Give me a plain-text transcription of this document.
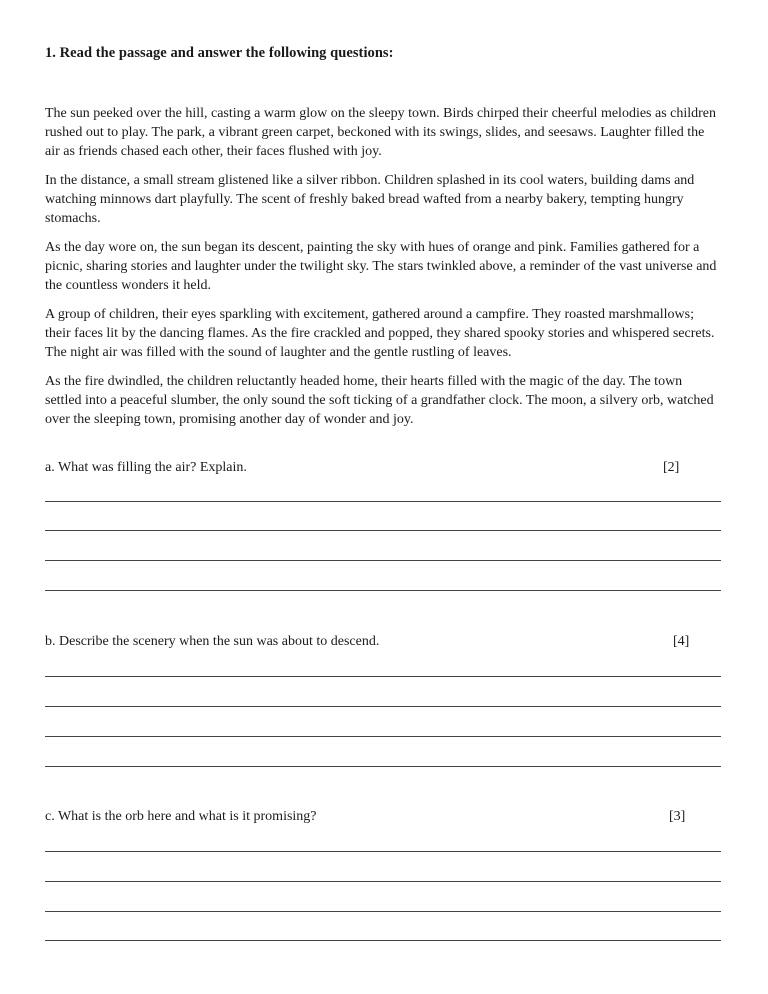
1. Read the passage and answer the following questions:

The sun peeked over the hill, casting a warm glow on the sleepy town. Birds chirped their cheerful melodies as children rushed out to play. The park, a vibrant green carpet, beckoned with its swings, slides, and seesaws. Laughter filled the air as friends chased each other, their faces flushed with joy.

In the distance, a small stream glistened like a silver ribbon. Children splashed in its cool waters, building dams and watching minnows dart playfully. The scent of freshly baked bread wafted from a nearby bakery, tempting hungry stomachs.

As the day wore on, the sun began its descent, painting the sky with hues of orange and pink. Families gathered for a picnic, sharing stories and laughter under the twilight sky. The stars twinkled above, a reminder of the vast universe and the countless wonders it held.

A group of children, their eyes sparkling with excitement, gathered around a campfire. They roasted marshmallows; their faces lit by the dancing flames. As the fire crackled and popped, they shared spooky stories and whispered secrets. The night air was filled with the sound of laughter and the gentle rustling of leaves.

As the fire dwindled, the children reluctantly headed home, their hearts filled with the magic of the day. The town settled into a peaceful slumber, the only sound the soft ticking of a grandfather clock. The moon, a silvery orb, watched over the sleeping town, promising another day of wonder and joy.

a. What was filling the air? Explain.	[2]
b. Describe the scenery when the sun was about to descend.	[4]
c. What is the orb here and what is it promising?	[3]
